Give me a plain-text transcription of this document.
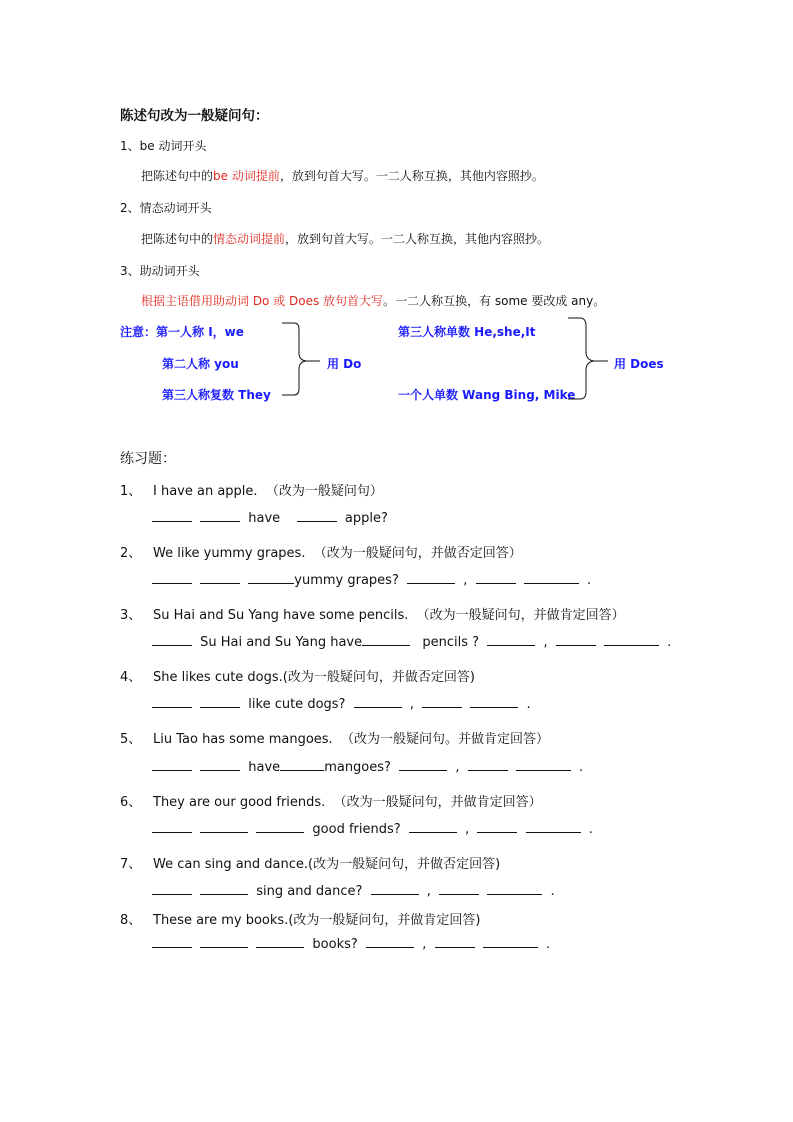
陈述句改为一般疑问句：
1、be 动词开头
把陈述句中的be 动词提前，放到句首大写。一二人称互换，其他内容照抄。
2、情态动词开头
把陈述句中的情态动词提前，放到句首大写。一二人称互换，其他内容照抄。
3、助动词开头
根据主语借用助动词 Do 或 Does 放句首大写。一二人称互换，有 some 要改成 any。
注意：第一人称 I，we
第二人称 you
第三人称复数 They
用 Do
第三人称单数 He,she,It
一个人单数 Wang Bing, Mike
用 Does
练习题：
1、 I have an apple. （改为一般疑问句）
have	apple?
2、 We like yummy grapes. （改为一般疑问句，并做否定回答）
yummy grapes?	,	.
3、 Su Hai and Su Yang have some pencils. （改为一般疑问句，并做肯定回答）
Su Hai and Su Yang have	pencils ?	,	.
4、 She likes cute dogs.(改为一般疑问句，并做否定回答)
like cute dogs?	,	.
5、 Liu Tao has some mangoes. （改为一般疑问句。并做肯定回答）
have	mangoes?	,	.
6、 They are our good friends. （改为一般疑问句，并做肯定回答）
good friends?	,	.
7、 We can sing and dance.(改为一般疑问句，并做否定回答)
sing and dance?	,	.
8、 These are my books.(改为一般疑问句，并做肯定回答)
books?	,	.
